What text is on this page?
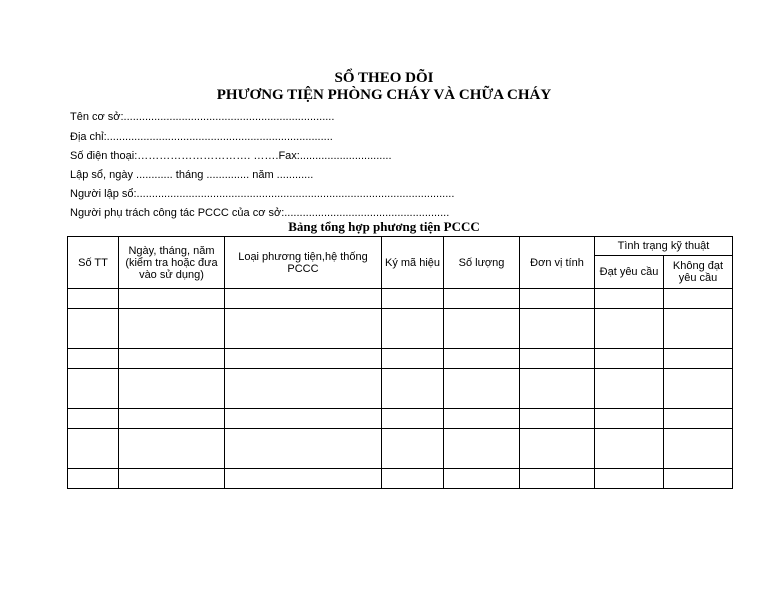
SỔ THEO DÕI
PHƯƠNG TIỆN PHÒNG CHÁY VÀ CHỮA CHÁY
Tên cơ sở:.....................................................................
Địa chỉ:..........................................................................
Số điện thoại:…………………………. …….Fax:..............................
Lập sổ, ngày ............ tháng .............. năm ............
Người lập sổ:........................................................................................................
Người phụ trách công tác PCCC của cơ sở:......................................................
Bảng tổng hợp phương tiện PCCC
Số TT	Ngày, tháng, năm (kiểm tra hoặc đưa vào sử dụng)	Loại phương tiện,hệ thống PCCC	Ký mã hiệu	Số lượng	Đơn vị tính	Tình trạng kỹ thuật	
						Đạt yêu cầu	Không đạt yêu cầu
